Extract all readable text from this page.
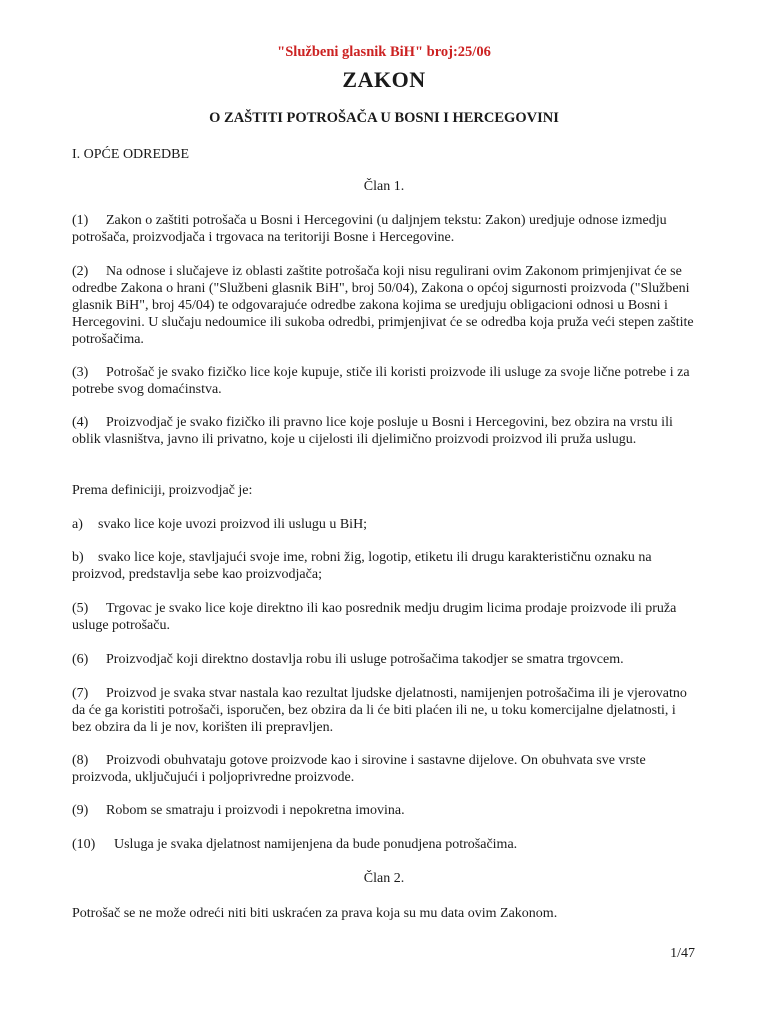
"Službeni glasnik BiH" broj:25/06
ZAKON
O ZAŠTITI POTROŠAČA U BOSNI I HERCEGOVINI
I. OPĆE ODREDBE
Član 1.

(1) Zakon o zaštiti potrošača u Bosni i Hercegovini (u daljnjem tekstu: Zakon) uredjuje odnose izmedju potrošača, proizvodjača i trgovaca na teritoriji Bosne i Hercegovine.

(2) Na odnose i slučajeve iz oblasti zaštite potrošača koji nisu regulirani ovim Zakonom primjenjivat će se odredbe Zakona o hrani ("Službeni glasnik BiH", broj 50/04), Zakona o općoj sigurnosti proizvoda ("Službeni glasnik BiH", broj 45/04) te odgovarajuće odredbe zakona kojima se uredjuju obligacioni odnosi u Bosni i Hercegovini. U slučaju nedoumice ili sukoba odredbi, primjenjivat će se odredba koja pruža veći stepen zaštite potrošačima.

(3) Potrošač je svako fizičko lice koje kupuje, stiče ili koristi proizvode ili usluge za svoje lične potrebe i za potrebe svog domaćinstva.

(4) Proizvodjač je svako fizičko ili pravno lice koje posluje u Bosni i Hercegovini, bez obzira na vrstu ili oblik vlasništva, javno ili privatno, koje u cijelosti ili djelimično proizvodi proizvod ili pruža uslugu.

Prema definiciji, proizvodjač je:

a) svako lice koje uvozi proizvod ili uslugu u BiH;

b) svako lice koje, stavljajući svoje ime, robni žig, logotip, etiketu ili drugu karakterističnu oznaku na proizvod, predstavlja sebe kao proizvodjača;

(5) Trgovac je svako lice koje direktno ili kao posrednik medju drugim licima prodaje proizvode ili pruža usluge potrošaču.

(6) Proizvodjač koji direktno dostavlja robu ili usluge potrošačima takodjer se smatra trgovcem.

(7) Proizvod je svaka stvar nastala kao rezultat ljudske djelatnosti, namijenjen potrošačima ili je vjerovatno da će ga koristiti potrošači, isporučen, bez obzira da li će biti plaćen ili ne, u toku komercijalne djelatnosti, i bez obzira da li je nov, korišten ili prepravljen.

(8) Proizvodi obuhvataju gotove proizvode kao i sirovine i sastavne dijelove. On obuhvata sve vrste proizvoda, uključujući i poljoprivredne proizvode.

(9) Robom se smatraju i proizvodi i nepokretna imovina.

(10) Usluga je svaka djelatnost namijenjena da bude ponudjena potrošačima.

Član 2.

Potrošač se ne može odreći niti biti uskraćen za prava koja su mu data ovim Zakonom.

1/47
